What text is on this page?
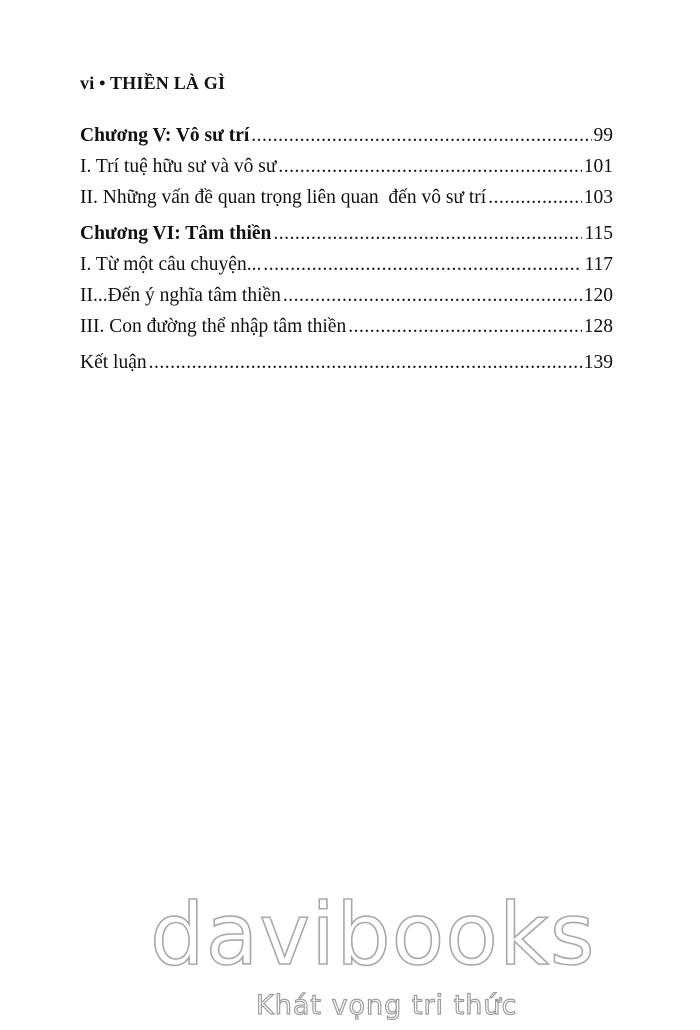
vi • THIỀN LÀ GÌ
Chương V: Vô sư trí .....	99
I. Trí tuệ hữu sư và vô sư .....	101
II. Những vấn đề quan trọng liên quan  đến vô sư trí .....	103
Chương VI: Tâm thiền .....	115
I. Từ một câu chuyện... .....	117
II...Đến ý nghĩa tâm thiền .....	120
III. Con đường thể nhập tâm thiền .....	128
Kết luận .....	139
davibooks
Khát vọng tri thức
